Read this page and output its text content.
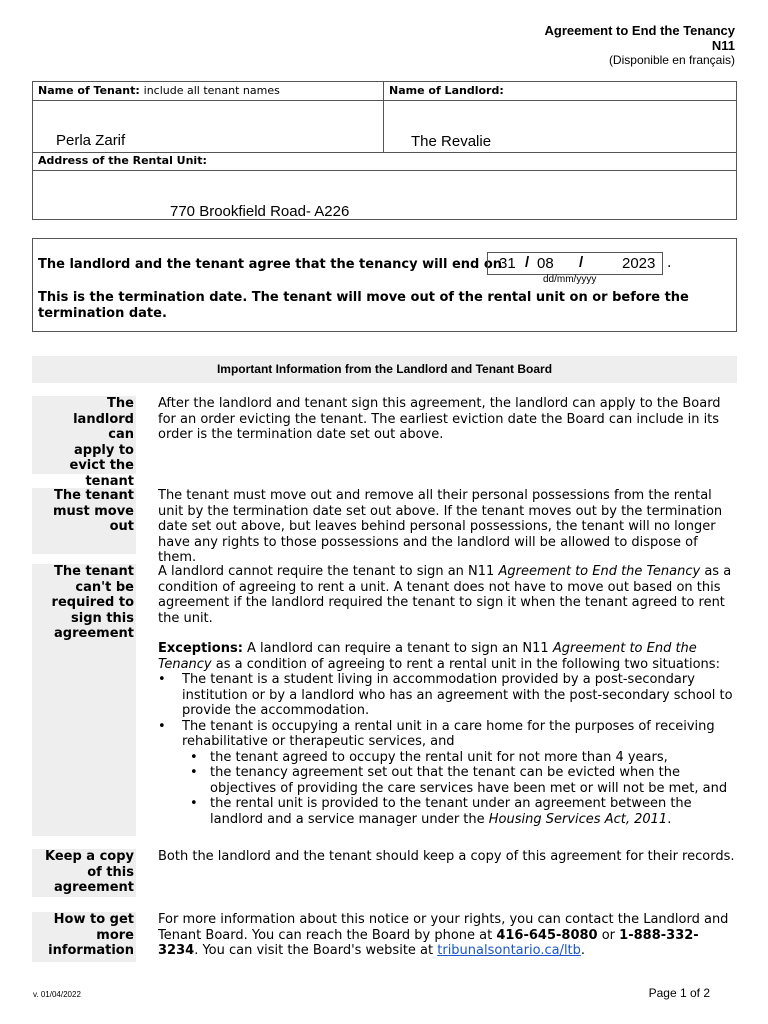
Agreement to End the Tenancy
N11
(Disponible en français)
Name of Tenant: include all tenant names	Name of Landlord:
Perla Zarif	The Revalie
Address of the Rental Unit:
770 Brookfield Road- A226
The landlord and the tenant agree that the tenancy will end on
31 / 08 /	2023 .
dd/mm/yyyy
This is the termination date. The tenant will move out of the rental unit on or before the termination date.
Important Information from the Landlord and Tenant Board
The landlord can apply to evict the tenant

After the landlord and tenant sign this agreement, the landlord can apply to the Board for an order evicting the tenant. The earliest eviction date the Board can include in its order is the termination date set out above.

The tenant must move out

The tenant must move out and remove all their personal possessions from the rental unit by the termination date set out above. If the tenant moves out by the termination date set out above, but leaves behind personal possessions, the tenant will no longer have any rights to those possessions and the landlord will be allowed to dispose of them.

The tenant can't be required to sign this agreement

A landlord cannot require the tenant to sign an N11 Agreement to End the Tenancy as a condition of agreeing to rent a unit. A tenant does not have to move out based on this agreement if the landlord required the tenant to sign it when the tenant agreed to rent the unit.

Exceptions: A landlord can require a tenant to sign an N11 Agreement to End the Tenancy as a condition of agreeing to rent a rental unit in the following two situations:

• The tenant is a student living in accommodation provided by a post-secondary institution or by a landlord who has an agreement with the post-secondary school to provide the accommodation.
• The tenant is occupying a rental unit in a care home for the purposes of receiving rehabilitative or therapeutic services, and
• the tenant agreed to occupy the rental unit for not more than 4 years,
• the tenancy agreement set out that the tenant can be evicted when the objectives of providing the care services have been met or will not be met, and
• the rental unit is provided to the tenant under an agreement between the landlord and a service manager under the Housing Services Act, 2011.
Keep a copy of this agreement

Both the landlord and the tenant should keep a copy of this agreement for their records.

How to get more information

For more information about this notice or your rights, you can contact the Landlord and Tenant Board. You can reach the Board by phone at 416-645-8080 or 1-888-332-3234. You can visit the Board's website at tribunalsontario.ca/ltb.

v. 01/04/2022	Page 1 of 2
